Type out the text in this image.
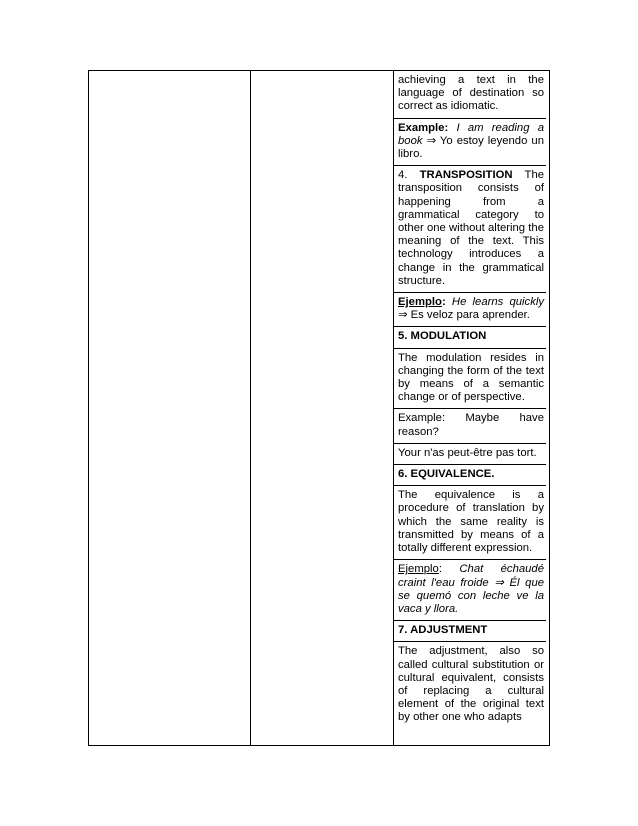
achieving a text in the language of destination so correct as idiomatic.

Example: I am reading a book ⇒ Yo estoy leyendo un libro.

4. TRANSPOSITION The transposition consists of happening from a grammatical category to other one without altering the meaning of the text. This technology introduces a change in the grammatical structure.

Ejemplo: He learns quickly ⇒ Es veloz para aprender.

5. MODULATION

The modulation resides in changing the form of the text by means of a semantic change or of perspective.

Example: Maybe have reason?

Your n'as peut-être pas tort.

6. EQUIVALENCE.

The equivalence is a procedure of translation by which the same reality is transmitted by means of a totally different expression.

Ejemplo: Chat échaudé craint l'eau froide ⇒ Él que se quemó con leche ve la vaca y llora.

7. ADJUSTMENT

The adjustment, also so called cultural substitution or cultural equivalent, consists of replacing a cultural element of the original text by other one who adapts
